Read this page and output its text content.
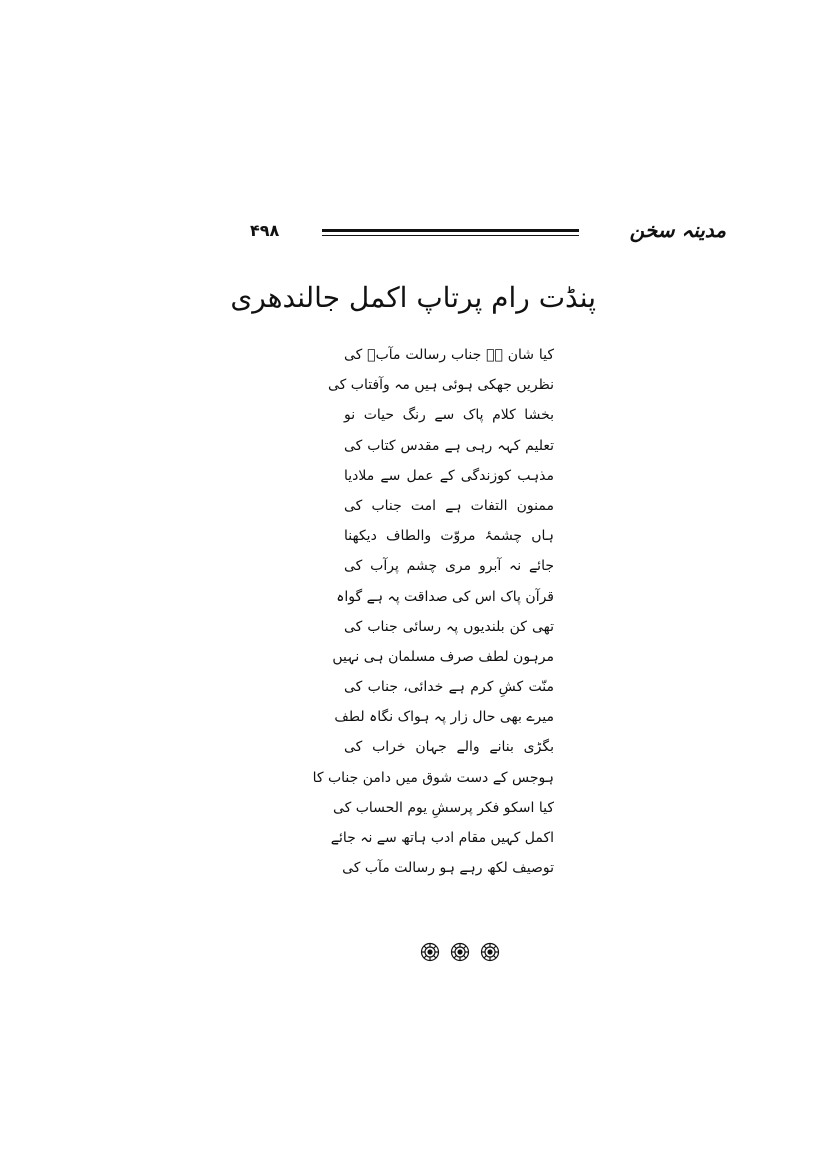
مدینہ سخن
۴۹۸
پنڈت رام پرتاپ اکمل جالندھری
کیا شان ہے جناب رسالت مآبؐ کی
نظریں جھکی ہوئی ہیں مہ وآفتاب کی
بخشا کلام پاک سے رنگ حیات نو
تعلیم کہہ رہی ہے مقدس کتاب کی
مذہب کوزندگی کے عمل سے ملادیا
ممنون التفات ہے امت جناب کی
ہاں چشمۂ مروّت والطاف دیکھنا
جائے نہ آبرو مری چشم پرآب کی
قرآن پاک اس کی صداقت پہ ہے گواہ
تھی کن بلندیوں پہ رسائی جناب کی
مرہون لطف صرف مسلمان ہی نہیں
منّت کشِ کرم ہے خدائی، جناب کی
میرے بھی حال زار پہ ہواک نگاہ لطف
بگڑی بنانے والے جہان خراب کی
ہوجس کے دست شوق میں دامن جناب کا
کیا اسکو فکر پرسشِ یوم الحساب کی
اکمل کہیں مقام ادب ہاتھ سے نہ جائے
توصیف لکھ رہے ہو رسالت مآب کی
